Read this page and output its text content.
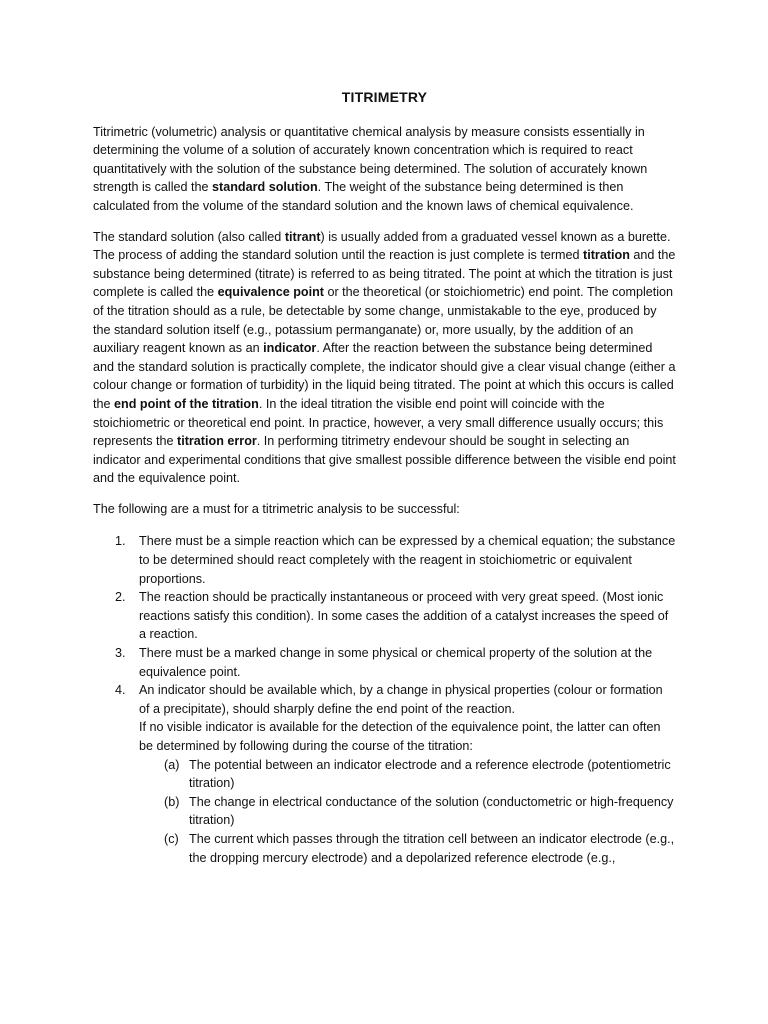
TITRIMETRY

Titrimetric (volumetric) analysis or quantitative chemical analysis by measure consists essentially in determining the volume of a solution of accurately known concentration which is required to react quantitatively with the solution of the substance being determined. The solution of accurately known strength is called the standard solution. The weight of the substance being determined is then calculated from the volume of the standard solution and the known laws of chemical equivalence.

The standard solution (also called titrant) is usually added from a graduated vessel known as a burette. The process of adding the standard solution until the reaction is just complete is termed titration and the substance being determined (titrate) is referred to as being titrated. The point at which the titration is just complete is called the equivalence point or the theoretical (or stoichiometric) end point. The completion of the titration should as a rule, be detectable by some change, unmistakable to the eye, produced by the standard solution itself (e.g., potassium permanganate) or, more usually, by the addition of an auxiliary reagent known as an indicator. After the reaction between the substance being determined and the standard solution is practically complete, the indicator should give a clear visual change (either a colour change or formation of turbidity) in the liquid being titrated. The point at which this occurs is called the end point of the titration. In the ideal titration the visible end point will coincide with the stoichiometric or theoretical end point. In practice, however, a very small difference usually occurs; this represents the titration error. In performing titrimetry endevour should be sought in selecting an indicator and experimental conditions that give smallest possible difference between the visible end point and the equivalence point.

The following are a must for a titrimetric analysis to be successful:

1. There must be a simple reaction which can be expressed by a chemical equation; the substance to be determined should react completely with the reagent in stoichiometric or equivalent proportions.
2. The reaction should be practically instantaneous or proceed with very great speed. (Most ionic reactions satisfy this condition). In some cases the addition of a catalyst increases the speed of a reaction.
3. There must be a marked change in some physical or chemical property of the solution at the equivalence point.
4. An indicator should be available which, by a change in physical properties (colour or formation of a precipitate), should sharply define the end point of the reaction.
If no visible indicator is available for the detection of the equivalence point, the latter can often be determined by following during the course of the titration:
(a) The potential between an indicator electrode and a reference electrode (potentiometric titration)
(b) The change in electrical conductance of the solution (conductometric or high-frequency titration)
(c) The current which passes through the titration cell between an indicator electrode (e.g., the dropping mercury electrode) and a depolarized reference electrode (e.g.,
